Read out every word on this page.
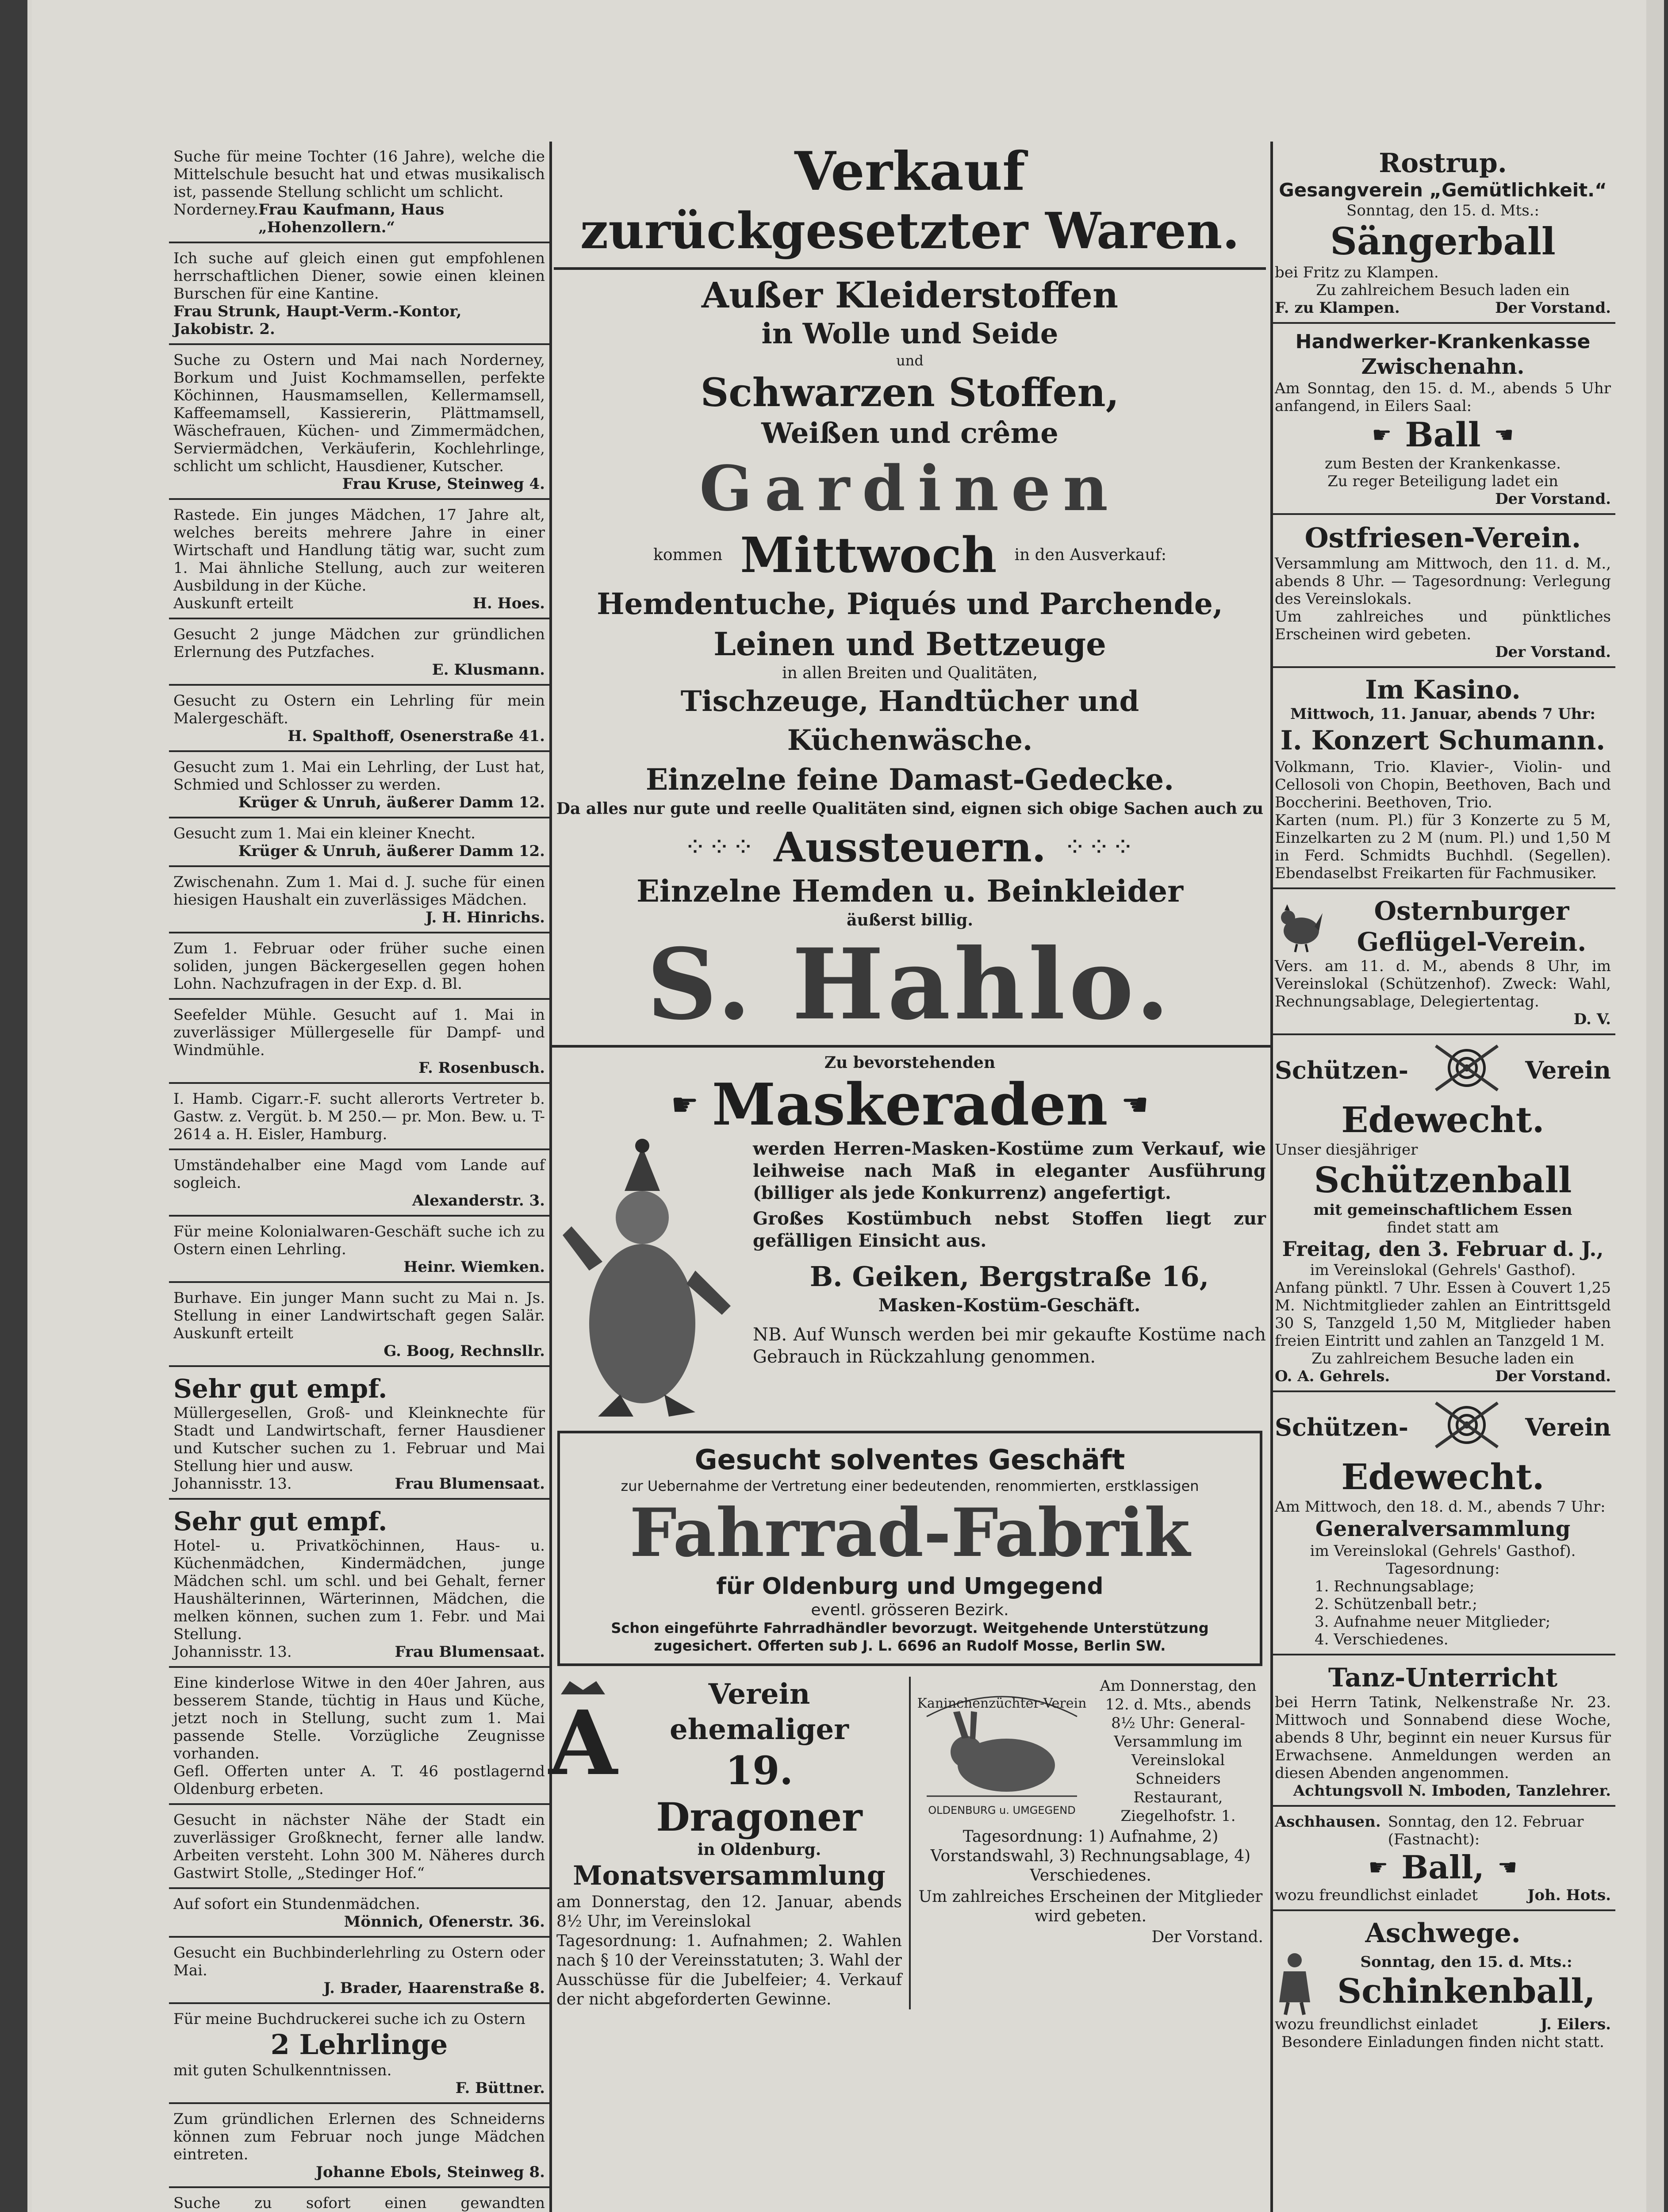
Suche für meine Tochter (16 Jahre), welche die Mittelschule besucht hat und etwas musikalisch ist, passende Stellung schlicht um schlicht.

Norderney. Frau Kaufmann, Haus „Hohenzollern.“

Ich suche auf gleich einen gut empfohlenen herrschaftlichen Diener, sowie einen kleinen Burschen für eine Kantine.

Frau Strunk, Haupt-Verm.-Kontor, Jakobistr. 2.

Suche zu Ostern und Mai nach Norderney, Borkum und Juist Kochmamsellen, perfekte Köchinnen, Hausmamsellen, Kellermamsell, Kaffeemamsell, Kassiererin, Plättmamsell, Wäschefrauen, Küchen- und Zimmermädchen, Serviermädchen, Verkäuferin, Kochlehrlinge, schlicht um schlicht, Hausdiener, Kutscher.

Frau Kruse, Steinweg 4.

Rastede. Ein junges Mädchen, 17 Jahre alt, welches bereits mehrere Jahre in einer Wirtschaft und Handlung tätig war, sucht zum 1. Mai ähnliche Stellung, auch zur weiteren Ausbildung in der Küche.

Auskunft erteilt	H. Hoes.

Gesucht 2 junge Mädchen zur gründlichen Erlernung des Putzfaches.

E. Klusmann.

Gesucht zu Ostern ein Lehrling für mein Malergeschäft.

H. Spalthoff, Osenerstraße 41.

Gesucht zum 1. Mai ein Lehrling, der Lust hat, Schmied und Schlosser zu werden.

Krüger & Unruh, äußerer Damm 12.

Gesucht zum 1. Mai ein kleiner Knecht.

Krüger & Unruh, äußerer Damm 12.

Zwischenahn. Zum 1. Mai d. J. suche für einen hiesigen Haushalt ein zuverlässiges Mädchen.

J. H. Hinrichs.

Zum 1. Februar oder früher suche einen soliden, jungen Bäckergesellen gegen hohen Lohn. Nachzufragen in der Exp. d. Bl.

Seefelder Mühle. Gesucht auf 1. Mai in zuverlässiger Müllergeselle für Dampf- und Windmühle.

F. Rosenbusch.

I. Hamb. Cigarr.-F. sucht allerorts Vertreter b. Gastw. z. Vergüt. b. M 250.— pr. Mon. Bew. u. T-2614 a. H. Eisler, Hamburg.

Umständehalber eine Magd vom Lande auf sogleich.

Alexanderstr. 3.

Für meine Kolonialwaren-Geschäft suche ich zu Ostern einen Lehrling.

Heinr. Wiemken.

Burhave. Ein junger Mann sucht zu Mai n. Js. Stellung in einer Landwirtschaft gegen Salär. Auskunft erteilt

G. Boog, Rechnsllr.
Sehr gut empf.

Müllergesellen, Groß- und Kleinknechte für Stadt und Landwirtschaft, ferner Hausdiener und Kutscher suchen zu 1. Februar und Mai Stellung hier und ausw.

Johannisstr. 13.	Frau Blumensaat.
Sehr gut empf.

Hotel- u. Privatköchinnen, Haus- u. Küchenmädchen, Kindermädchen, junge Mädchen schl. um schl. und bei Gehalt, ferner Haushälterinnen, Wärterinnen, Mädchen, die melken können, suchen zum 1. Febr. und Mai Stellung.

Johannisstr. 13.	Frau Blumensaat.

Eine kinderlose Witwe in den 40er Jahren, aus besserem Stande, tüchtig in Haus und Küche, jetzt noch in Stellung, sucht zum 1. Mai passende Stelle. Vorzügliche Zeugnisse vorhanden.

Gefl. Offerten unter A. T. 46 postlagernd Oldenburg erbeten.

Gesucht in nächster Nähe der Stadt ein zuverlässiger Großknecht, ferner alle landw. Arbeiten versteht. Lohn 300 M. Näheres durch Gastwirt Stolle, „Stedinger Hof.“

Auf sofort ein Stundenmädchen.

Mönnich, Ofenerstr. 36.

Gesucht ein Buchbinderlehrling zu Ostern oder Mai.

J. Brader, Haarenstraße 8.

Für meine Buchdruckerei suche ich zu Ostern

2 Lehrlinge

mit guten Schulkenntnissen.

F. Büttner.

Zum gründlichen Erlernen des Schneiderns können zum Februar noch junge Mädchen eintreten.

Johanne Ebols, Steinweg 8.

Suche zu sofort einen gewandten

Verkauf
zurückgesetzter Waren.
Außer Kleiderstoffen
in Wolle und Seide
und
Schwarzen Stoffen,
Weißen und crême
Gardinen
kommen Mittwoch in den Ausverkauf:
Hemdentuche, Piqués und Parchende,
Leinen und Bettzeuge
in allen Breiten und Qualitäten,
Tischzeuge, Handtücher und Küchenwäsche.
Einzelne feine Damast-Gedecke.
Da alles nur gute und reelle Qualitäten sind, eignen sich obige Sachen auch zu
⁘⁘⁘ Aussteuern. ⁘⁘⁘
Einzelne Hemden u. Beinkleider
äußerst billig.
S. Hahlo.
Zu bevorstehenden
☛ Maskeraden ☚

werden Herren-Masken-Kostüme zum Verkauf, wie leihweise nach Maß in eleganter Ausführung (billiger als jede Konkurrenz) angefertigt.

Großes Kostümbuch nebst Stoffen liegt zur gefälligen Einsicht aus.

B. Geiken, Bergstraße 16,

Masken-Kostüm-Geschäft.

NB. Auf Wunsch werden bei mir gekaufte Kostüme nach Gebrauch in Rückzahlung genommen.

Gesucht solventes Geschäft
zur Uebernahme der Vertretung einer bedeutenden, renommierten, erstklassigen
Fahrrad-Fabrik
für Oldenburg und Umgegend
eventl. grösseren Bezirk.
Schon eingeführte Fahrradhändler bevorzugt. Weitgehende Unterstützung zugesichert. Offerten sub J. L. 6696 an Rudolf Mosse, Berlin SW.
A	Verein ehemaliger
19. Dragoner
in Oldenburg.
Monatsversammlung

am Donnerstag, den 12. Januar, abends 8½ Uhr, im Vereinslokal

Tagesordnung: 1. Aufnahmen; 2. Wahlen nach § 10 der Vereinsstatuten; 3. Wahl der Ausschüsse für die Jubelfeier; 4. Verkauf der nicht abgeforderten Gewinne.

Kaninchenzüchter-Verein
OLDENBURG u. UMGEGEND

Am Donnerstag, den 12. d. Mts., abends 8½ Uhr: General-Versammlung im Vereinslokal Schneiders Restaurant, Ziegelhofstr. 1.

Tagesordnung: 1) Aufnahme, 2) Vorstandswahl, 3) Rechnungsablage, 4) Verschiedenes.

Um zahlreiches Erscheinen der Mitglieder wird gebeten.

Der Vorstand.

Rostrup.
Gesangverein „Gemütlichkeit.“
Sonntag, den 15. d. Mts.:
Sängerball
bei Fritz zu Klampen.
Zu zahlreichem Besuch laden ein
F. zu Klampen.	Der Vorstand.
Handwerker-Krankenkasse
Zwischenahn.
Am Sonntag, den 15. d. M., abends 5 Uhr anfangend, in Eilers Saal:
☛ Ball ☚
zum Besten der Krankenkasse.
Zu reger Beteiligung ladet ein
Der Vorstand.
Ostfriesen-Verein.
Versammlung am Mittwoch, den 11. d. M., abends 8 Uhr. — Tagesordnung: Verlegung des Vereinslokals.
Um zahlreiches und pünktliches Erscheinen wird gebeten.
Der Vorstand.
Im Kasino.
Mittwoch, 11. Januar, abends 7 Uhr:
I. Konzert Schumann.
Volkmann, Trio. Klavier-, Violin- und Cellosoli von Chopin, Beethoven, Bach und Boccherini. Beethoven, Trio.
Karten (num. Pl.) für 3 Konzerte zu 5 M, Einzelkarten zu 2 M (num. Pl.) und 1,50 M in Ferd. Schmidts Buchhdl. (Segellen). Ebendaselbst Freikarten für Fachmusiker.
Osternburger
Geflügel-Verein.
Vers. am 11. d. M., abends 8 Uhr, im Vereinslokal (Schützenhof). Zweck: Wahl, Rechnungsablage, Delegiertentag.
D. V.
Schützen-	Verein
Edewecht.
Unser diesjähriger
Schützenball
mit gemeinschaftlichem Essen
findet statt am
Freitag, den 3. Februar d. J.,
im Vereinslokal (Gehrels' Gasthof).
Anfang pünktl. 7 Uhr. Essen à Couvert 1,25 M. Nichtmitglieder zahlen an Eintrittsgeld 30 S, Tanzgeld 1,50 M, Mitglieder haben freien Eintritt und zahlen an Tanzgeld 1 M.
Zu zahlreichem Besuche laden ein
O. A. Gehrels.	Der Vorstand.
Schützen-	Verein
Edewecht.
Am Mittwoch, den 18. d. M., abends 7 Uhr:
Generalversammlung
im Vereinslokal (Gehrels' Gasthof).
Tagesordnung:
1. Rechnungsablage;
2. Schützenball betr.;
3. Aufnahme neuer Mitglieder;
4. Verschiedenes.
Tanz-Unterricht
bei Herrn Tatink, Nelkenstraße Nr. 23. Mittwoch und Sonnabend diese Woche, abends 8 Uhr, beginnt ein neuer Kursus für Erwachsene. Anmeldungen werden an diesen Abenden angenommen.
Achtungsvoll N. Imboden, Tanzlehrer.
Aschhausen. Sonntag, den 12. Februar (Fastnacht):
☛ Ball, ☚
wozu freundlichst einladet	Joh. Hots.
Aschwege.
Sonntag, den 15. d. Mts.:
Schinkenball,
wozu freundlichst einladet	J. Eilers.
Besondere Einladungen finden nicht statt.
